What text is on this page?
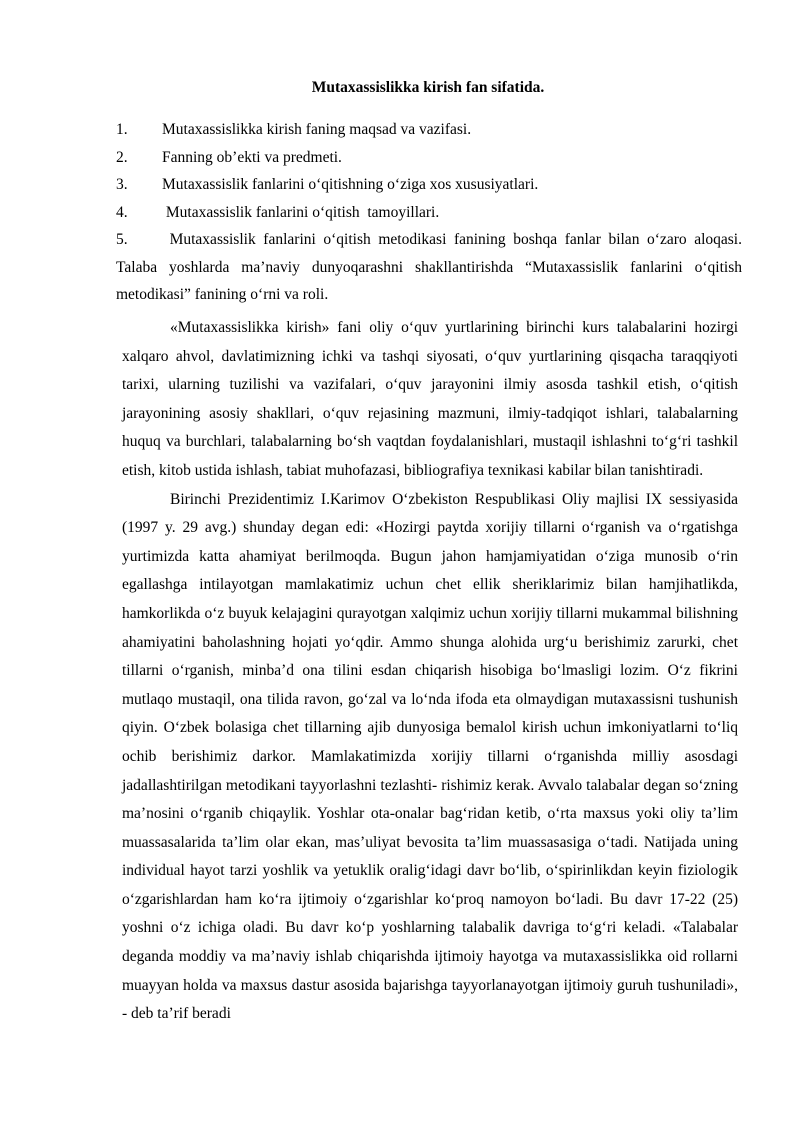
Mutaxassislikka kirish fan sifatida.
1.	Mutaxassislikka kirish faning maqsad va vazifasi.
2.	Fanning ob’ekti va predmeti.
3.	Mutaxassislik fanlarini o‘qitishning o‘ziga xos xususiyatlari.
4.	Mutaxassislik fanlarini o‘qitish  tamoyillari.
5. Mutaxassislik fanlarini o‘qitish metodikasi fanining boshqa fanlar bilan o‘zaro aloqasi. Talaba yoshlarda ma’naviy dunyoqarashni shakllantirishda “Mutaxassislik fanlarini o‘qitish metodikasi” fanining o‘rni va roli.

«Mutaxassislikka kirish» fani oliy o‘quv yurtlarining birinchi kurs talabalarini hozirgi xalqaro ahvol, davlatimizning ichki va tashqi siyosati, o‘quv yurtlarining qisqacha taraqqiyoti tarixi, ularning tuzilishi va vazifalari, o‘quv jarayonini ilmiy asosda tashkil etish, o‘qitish jarayonining asosiy shakllari, o‘quv rejasining mazmuni, ilmiy-tadqiqot ishlari, talabalarning huquq va burchlari, talabalarning bo‘sh vaqtdan foydalanishlari, mustaqil ishlashni to‘g‘ri tashkil etish, kitob ustida ishlash, tabiat muhofazasi, bibliografiya texnikasi kabilar bilan tanishtiradi.

Birinchi Prezidentimiz I.Karimov O‘zbekiston Respublikasi Oliy majlisi IX sessiyasida (1997 y. 29 avg.) shunday degan edi: «Hozirgi paytda xorijiy tillarni o‘rganish va o‘rgatishga yurtimizda katta ahamiyat berilmoqda. Bugun jahon hamjamiyatidan o‘ziga munosib o‘rin egallashga intilayotgan mamlakatimiz uchun chet ellik sheriklarimiz bilan hamjihatlikda, hamkorlikda o‘z buyuk kelajagini qurayotgan xalqimiz uchun xorijiy tillarni mukammal bilishning ahamiyatini baholashning hojati yo‘qdir. Ammo shunga alohida urg‘u berishimiz zarurki, chet tillarni o‘rganish, minba’d ona tilini esdan chiqarish hisobiga bo‘lmasligi lozim. O‘z fikrini mutlaqo mustaqil, ona tilida ravon, go‘zal va lo‘nda ifoda eta olmaydigan mutaxassisni tushunish qiyin. O‘zbek bolasiga chet tillarning ajib dunyosiga bemalol kirish uchun imkoniyatlarni to‘liq ochib berishimiz darkor. Mamlakatimizda xorijiy tillarni o‘rganishda milliy asosdagi jadallashtirilgan metodikani tayyorlashni tezlashti- rishimiz kerak. Avvalo talabalar degan so‘zning ma’nosini o‘rganib chiqaylik. Yoshlar ota-onalar bag‘ridan ketib, o‘rta maxsus yoki oliy ta’lim muassasalarida ta’lim olar ekan, mas’uliyat bevosita ta’lim muassasasiga o‘tadi. Natijada uning individual hayot tarzi yoshlik va yetuklik oralig‘idagi davr bo‘lib, o‘spirinlikdan keyin fiziologik o‘zgarishlardan ham ko‘ra ijtimoiy o‘zgarishlar ko‘proq namoyon bo‘ladi. Bu davr 17-22 (25) yoshni o‘z ichiga oladi. Bu davr ko‘p yoshlarning talabalik davriga to‘g‘ri keladi. «Talabalar deganda moddiy va ma’naviy ishlab chiqarishda ijtimoiy hayotga va mutaxassislikka oid rollarni muayyan holda va maxsus dastur asosida bajarishga tayyorlanayotgan ijtimoiy guruh tushuniladi», - deb ta’rif beradi
